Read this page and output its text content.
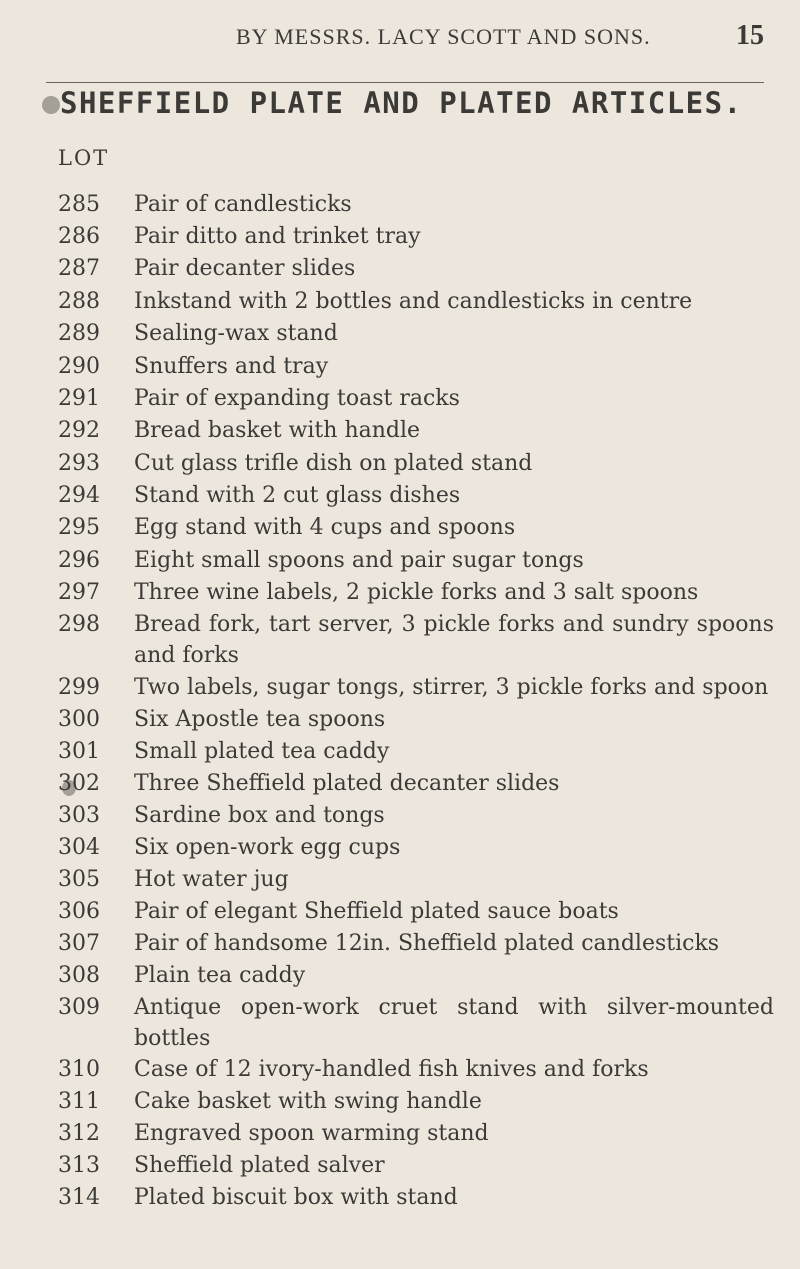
BY MESSRS. LACY SCOTT AND SONS.	15
SHEFFIELD PLATE AND PLATED ARTICLES.
LOT
285	Pair of candlesticks
286	Pair ditto and trinket tray
287	Pair decanter slides
288	Inkstand with 2 bottles and candlesticks in centre
289	Sealing-wax stand
290	Snuffers and tray
291	Pair of expanding toast racks
292	Bread basket with handle
293	Cut glass trifle dish on plated stand
294	Stand with 2 cut glass dishes
295	Egg stand with 4 cups and spoons
296	Eight small spoons and pair sugar tongs
297	Three wine labels, 2 pickle forks and 3 salt spoons
298	Bread fork, tart server, 3 pickle forks and sundry spoons and forks
299	Two labels, sugar tongs, stirrer, 3 pickle forks and spoon
300	Six Apostle tea spoons
301	Small plated tea caddy
302	Three Sheffield plated decanter slides
303	Sardine box and tongs
304	Six open-work egg cups
305	Hot water jug
306	Pair of elegant Sheffield plated sauce boats
307	Pair of handsome 12in. Sheffield plated candlesticks
308	Plain tea caddy
309	Antique open-work cruet stand with silver-mounted bottles
310	Case of 12 ivory-handled fish knives and forks
311	Cake basket with swing handle
312	Engraved spoon warming stand
313	Sheffield plated salver
314	Plated biscuit box with stand
